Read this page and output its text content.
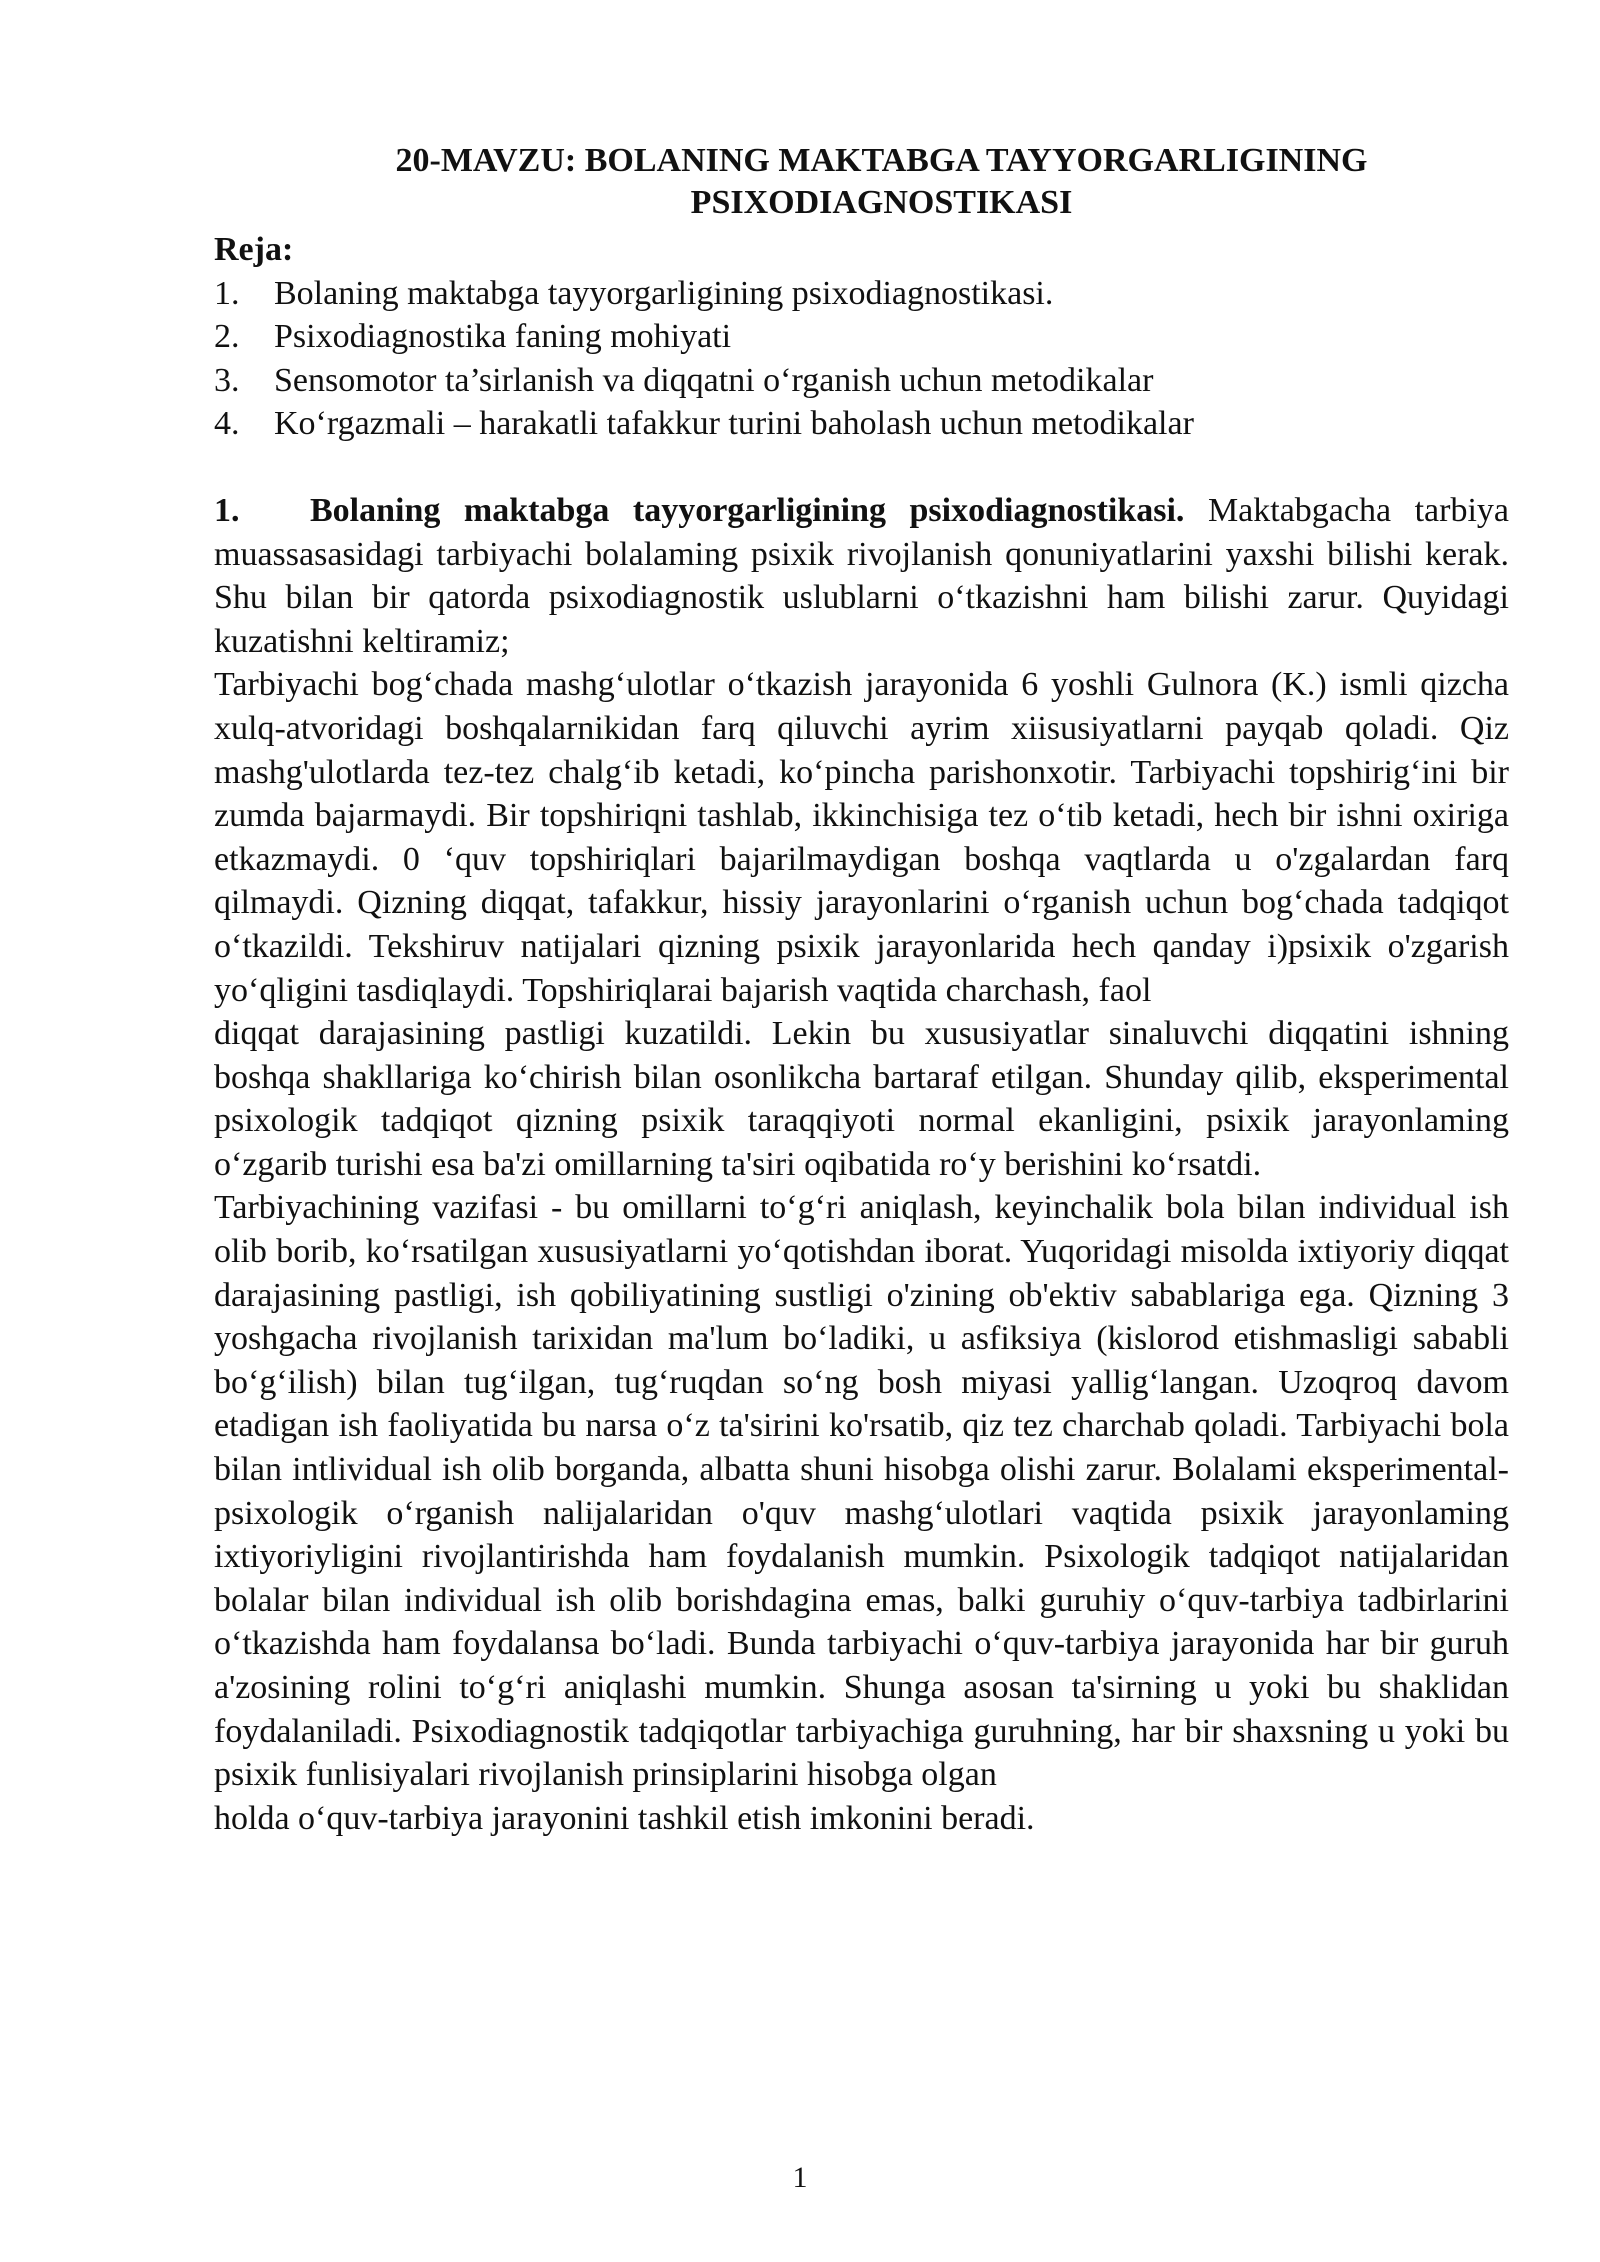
20-MAVZU: BOLANING MAKTABGA TAYYORGARLIGINING
PSIXODIAGNOSTIKASI
Reja:
1.	Bolaning maktabga tayyorgarligining psixodiagnostikasi.
2.	Psixodiagnostika faning mohiyati
3.	Sensomotor ta’sirlanish va diqqatni o‘rganish uchun metodikalar
4.	Ko‘rgazmali – harakatli tafakkur turini baholash uchun metodikalar

1. Bolaning maktabga tayyorgarligining psixodiagnostikasi. Maktabgacha tarbiya muassasasidagi tarbiyachi bolalaming psixik rivojlanish qonuniyatlarini yaxshi bilishi kerak. Shu bilan bir qatorda psixodiagnostik uslublarni o‘tkazishni ham bilishi zarur. Quyidagi kuzatishni keltiramiz;

Tarbiyachi bog‘chada mashg‘ulotlar o‘tkazish jarayonida 6 yoshli Gulnora (K.) ismli qizcha xulq-atvoridagi boshqalarnikidan farq qiluvchi ayrim xiisusiyatlarni payqab qoladi. Qiz mashg'ulotlarda tez-tez chalg‘ib ketadi, ko‘pincha parishonxotir. Tarbiyachi topshirig‘ini bir zumda bajarmaydi. Bir topshiriqni tashlab, ikkinchisiga tez o‘tib ketadi, hech bir ishni oxiriga etkazmaydi. 0 ‘quv topshiriqlari bajarilmaydigan boshqa vaqtlarda u o'zgalardan farq qilmaydi. Qizning diqqat, tafakkur, hissiy jarayonlarini o‘rganish uchun bog‘chada tadqiqot o‘tkazildi. Tekshiruv natijalari qizning psixik jarayonlarida hech qanday i)psixik o'zgarish yo‘qligini tasdiqlaydi. Topshiriqlarai bajarish vaqtida charchash, faol

diqqat darajasining pastligi kuzatildi. Lekin bu xususiyatlar sinaluvchi diqqatini ishning boshqa shakllariga ko‘chirish bilan osonlikcha bartaraf etilgan. Shunday qilib, eksperimental psixologik tadqiqot qizning psixik taraqqiyoti normal ekanligini, psixik jarayonlaming o‘zgarib turishi esa ba'zi omillarning ta'siri oqibatida ro‘y berishini ko‘rsatdi.

Tarbiyachining vazifasi - bu omillarni to‘g‘ri aniqlash, keyinchalik bola bilan individual ish olib borib, ko‘rsatilgan xususiyatlarni yo‘qotishdan iborat. Yuqoridagi misolda ixtiyoriy diqqat darajasining pastligi, ish qobiliyatining sustligi o'zining ob'ektiv sabablariga ega. Qizning 3 yoshgacha rivojlanish tarixidan ma'lum bo‘ladiki, u asfiksiya (kislorod etishmasligi sababli bo‘g‘ilish) bilan tug‘ilgan, tug‘ruqdan so‘ng bosh miyasi yallig‘langan. Uzoqroq davom etadigan ish faoliyatida bu narsa o‘z ta'sirini ko'rsatib, qiz tez charchab qoladi. Tarbiyachi bola bilan intlividual ish olib borganda, albatta shuni hisobga olishi zarur. Bolalami eksperimental-psixologik o‘rganish nalijalaridan o'quv mashg‘ulotlari vaqtida psixik jarayonlaming ixtiyoriyligini rivojlantirishda ham foydalanish mumkin. Psixologik tadqiqot natijalaridan bolalar bilan individual ish olib borishdagina emas, balki guruhiy o‘quv-tarbiya tadbirlarini o‘tkazishda ham foydalansa bo‘ladi. Bunda tarbiyachi o‘quv-tarbiya jarayonida har bir guruh a'zosining rolini to‘g‘ri aniqlashi mumkin. Shunga asosan ta'sirning u yoki bu shaklidan foydalaniladi. Psixodiagnostik tadqiqotlar tarbiyachiga guruhning, har bir shaxsning u yoki bu psixik funlisiyalari rivojlanish prinsiplarini hisobga olgan

holda o‘quv-tarbiya jarayonini tashkil etish imkonini beradi.

1
